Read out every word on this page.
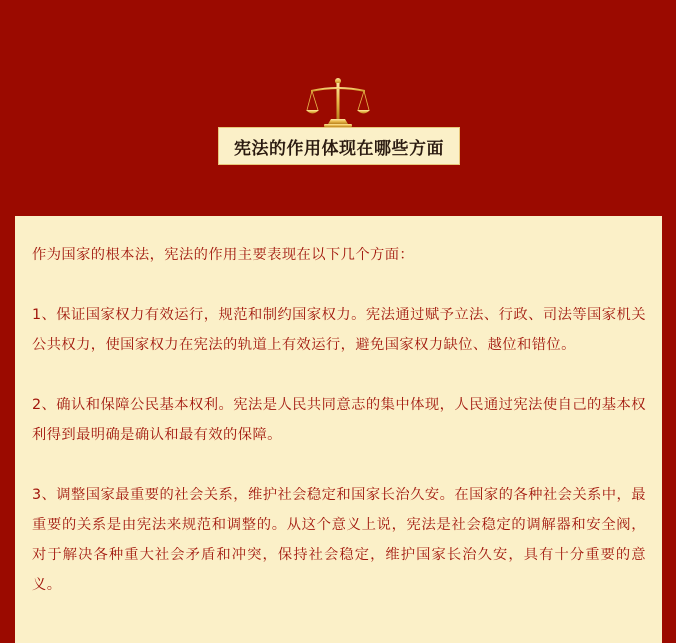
宪法的作用体现在哪些方面

作为国家的根本法，宪法的作用主要表现在以下几个方面：

1、保证国家权力有效运行，规范和制约国家权力。宪法通过赋予立法、行政、司法等国家机关公共权力，使国家权力在宪法的轨道上有效运行，避免国家权力缺位、越位和错位。

2、确认和保障公民基本权利。宪法是人民共同意志的集中体现，人民通过宪法使自己的基本权利得到最明确是确认和最有效的保障。

3、调整国家最重要的社会关系，维护社会稳定和国家长治久安。在国家的各种社会关系中，最重要的关系是由宪法来规范和调整的。从这个意义上说，宪法是社会稳定的调解器和安全阀，对于解决各种重大社会矛盾和冲突，保持社会稳定，维护国家长治久安，具有十分重要的意义。
